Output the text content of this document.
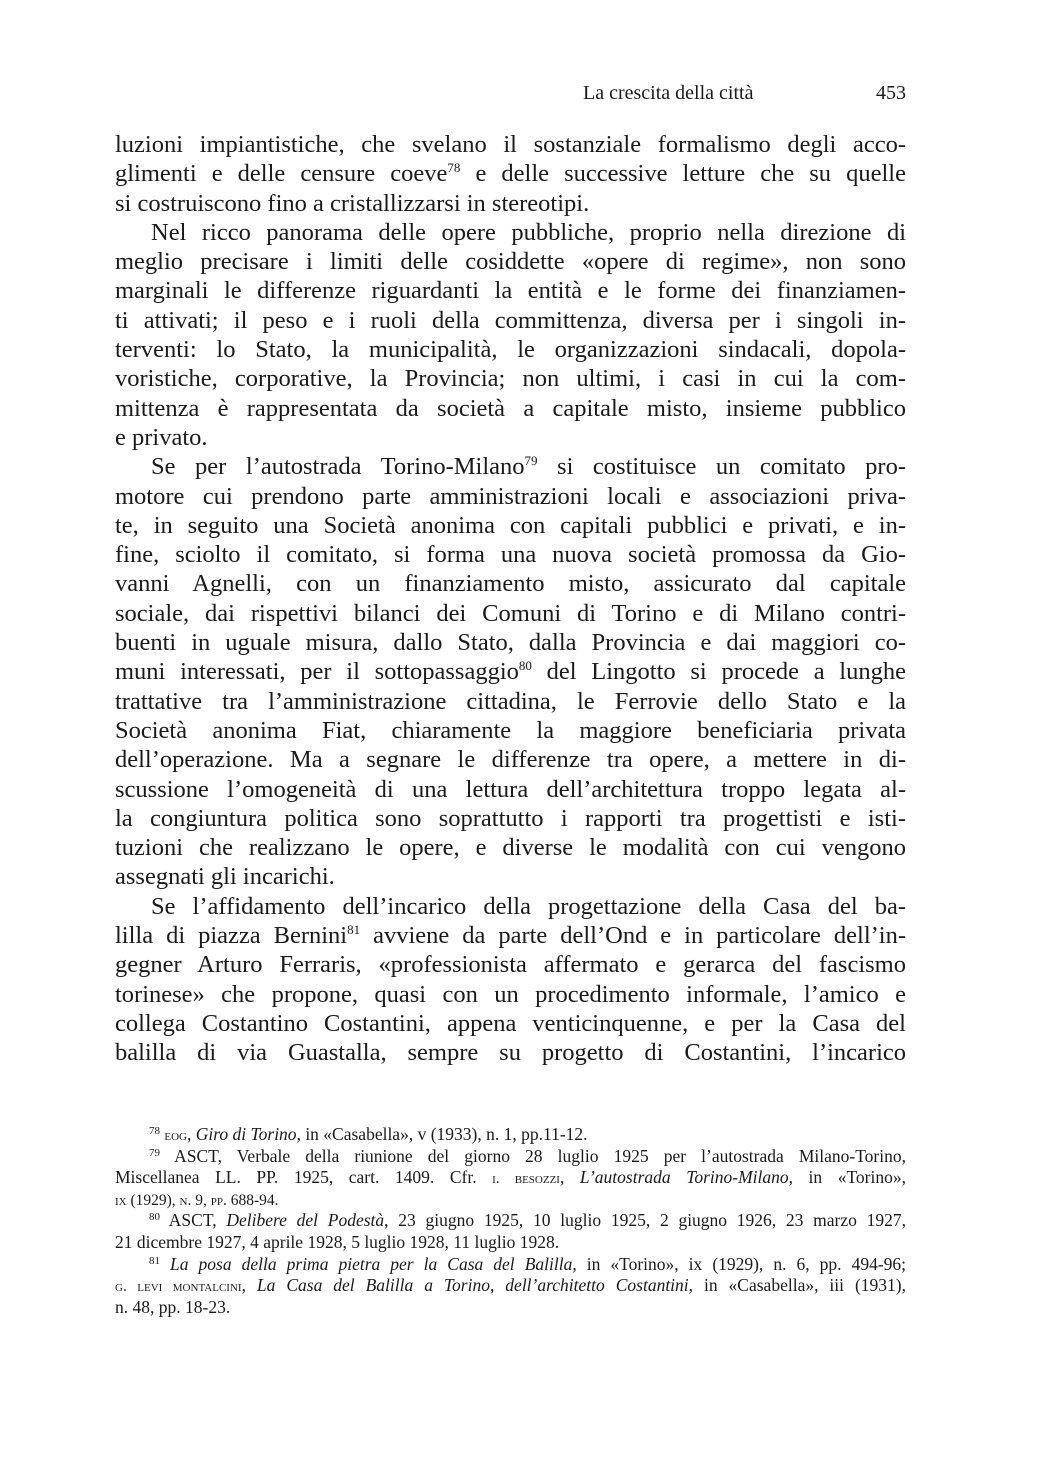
La crescita della città	453
luzioni impiantistiche, che svelano il sostanziale formalismo degli acco-
glimenti e delle censure coeve$^{78}$ e delle successive letture che su quelle
si costruiscono fino a cristallizzarsi in stereotipi.
Nel ricco panorama delle opere pubbliche, proprio nella direzione di
meglio precisare i limiti delle cosiddette «opere di regime», non sono
marginali le differenze riguardanti la entità e le forme dei finanziamen-
ti attivati; il peso e i ruoli della committenza, diversa per i singoli in-
terventi: lo Stato, la municipalità, le organizzazioni sindacali, dopola-
voristiche, corporative, la Provincia; non ultimi, i casi in cui la com-
mittenza è rappresentata da società a capitale misto, insieme pubblico
e privato.
Se per l’autostrada Torino-Milano$^{79}$ si costituisce un comitato pro-
motore cui prendono parte amministrazioni locali e associazioni priva-
te, in seguito una Società anonima con capitali pubblici e privati, e in-
fine, sciolto il comitato, si forma una nuova società promossa da Gio-
vanni Agnelli, con un finanziamento misto, assicurato dal capitale
sociale, dai rispettivi bilanci dei Comuni di Torino e di Milano contri-
buenti in uguale misura, dallo Stato, dalla Provincia e dai maggiori co-
muni interessati, per il sottopassaggio$^{80}$ del Lingotto si procede a lunghe
trattative tra l’amministrazione cittadina, le Ferrovie dello Stato e la
Società anonima Fiat, chiaramente la maggiore beneficiaria privata
dell’operazione. Ma a segnare le differenze tra opere, a mettere in di-
scussione l’omogeneità di una lettura dell’architettura troppo legata al-
la congiuntura politica sono soprattutto i rapporti tra progettisti e isti-
tuzioni che realizzano le opere, e diverse le modalità con cui vengono
assegnati gli incarichi.
Se l’affidamento dell’incarico della progettazione della Casa del ba-
lilla di piazza Bernini$^{81}$ avviene da parte dell’Ond e in particolare dell’in-
gegner Arturo Ferraris, «professionista affermato e gerarca del fascismo
torinese» che propone, quasi con un procedimento informale, l’amico e
collega Costantino Costantini, appena venticinquenne, e per la Casa del
balilla di via Guastalla, sempre su progetto di Costantini, l’incarico
$^{78}$ eog, Giro di Torino, in «Casabella», v (1933), n. 1, pp.11-12.
$^{79}$ ASCT, Verbale della riunione del giorno 28 luglio 1925 per l’autostrada Milano-Torino,
Miscellanea LL. PP. 1925, cart. 1409. Cfr. i. besozzi, L’autostrada Torino-Milano, in «Torino»,
ix (1929), n. 9, pp. 688-94.
$^{80}$ ASCT, Delibere del Podestà, 23 giugno 1925, 10 luglio 1925, 2 giugno 1926, 23 marzo 1927,
21 dicembre 1927, 4 aprile 1928, 5 luglio 1928, 11 luglio 1928.
$^{81}$ La posa della prima pietra per la Casa del Balilla, in «Torino», ix (1929), n. 6, pp. 494-96;
g. levi montalcini, La Casa del Balilla a Torino, dell’architetto Costantini, in «Casabella», iii (1931),
n. 48, pp. 18-23.
